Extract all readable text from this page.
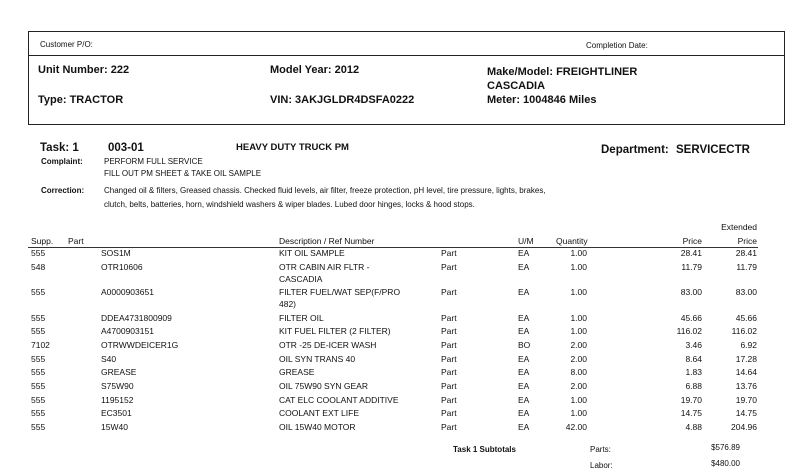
Customer P/O:	Completion Date:
Unit Number: 222	Model Year: 2012	Make/Model: FREIGHTLINER
CASCADIA
Type: TRACTOR	VIN: 3AKJGLDR4DSFA0222	Meter: 1004846 Miles
Task: 1	003-01	HEAVY DUTY TRUCK PM	Department: SERVICECTR
Complaint:	PERFORM FULL SERVICE
FILL OUT PM SHEET & TAKE OIL SAMPLE
Correction: Changed oil & filters, Greased chassis. Checked fluid levels, air filter, freeze protection, pH level, tire pressure, lights, brakes,
clutch, belts, batteries, horn, windshield washers & wiper blades. Lubed door hinges, locks & hood stops.
Supp. Part	Description / Ref Number	U/M	Quantity	Price
Extended
Price
555	SOS1M	KIT OIL SAMPLE	Part	EA	1.00	28.41	28.41
548	OTR10606	OTR CABIN AIR FLTR -	Part	EA	1.00	11.79	11.79
CASCADIA
555	A0000903651	FILTER FUEL/WAT SEP(F/PRO	Part	EA	1.00	83.00	83.00
482)
555	DDEA4731800909	FILTER OIL	Part	EA	1.00	45.66	45.66
555	A4700903151	KIT FUEL FILTER (2 FILTER)	Part	EA	1.00	116.02	116.02
7102	OTRWWDEICER1G	OTR -25 DE-ICER WASH	Part	BO	2.00	3.46	6.92
555	S40	OIL SYN TRANS 40	Part	EA	2.00	8.64	17.28
555	GREASE	GREASE	Part	EA	8.00	1.83	14.64
555	S75W90	OIL 75W90 SYN GEAR	Part	EA	2.00	6.88	13.76
555	1195152	CAT ELC COOLANT ADDITIVE	Part	EA	1.00	19.70	19.70
555	EC3501	COOLANT EXT LIFE	Part	EA	1.00	14.75	14.75
555	15W40	OIL 15W40 MOTOR	Part	EA	42.00	4.88	204.96
Task 1 Subtotals	Parts:	$576.89
Labor:	$480.00
